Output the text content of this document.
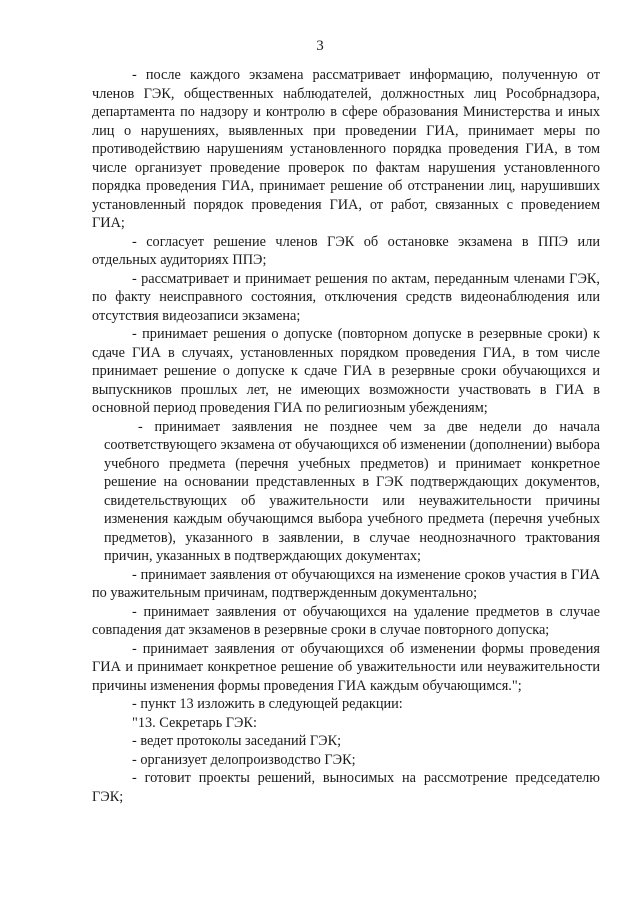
3

- после каждого экзамена рассматривает информацию, полученную от членов ГЭК, общественных наблюдателей, должностных лиц Рособрнадзора, департамента по надзору и контролю в сфере образования Министерства и иных лиц о нарушениях, выявленных при проведении ГИА, принимает меры по противодействию нарушениям установленного порядка проведения ГИА, в том числе организует проведение проверок по фактам нарушения установленного порядка проведения ГИА, принимает решение об отстранении лиц, нарушивших установленный порядок проведения ГИА, от работ, связанных с проведением ГИА;

- согласует решение членов ГЭК об остановке экзамена в ППЭ или отдельных аудиториях ППЭ;

- рассматривает и принимает решения по актам, переданным членами ГЭК, по факту неисправного состояния, отключения средств видеонаблюдения или отсутствия видеозаписи экзамена;

- принимает решения о допуске (повторном допуске в резервные сроки) к сдаче ГИА в случаях, установленных порядком проведения ГИА, в том числе принимает решение о допуске к сдаче ГИА в резервные сроки обучающихся и выпускников прошлых лет, не имеющих возможности участвовать в ГИА в основной период проведения ГИА по религиозным убеждениям;

- принимает заявления не позднее чем за две недели до начала соответствующего экзамена от обучающихся об изменении (дополнении) выбора учебного предмета (перечня учебных предметов) и принимает конкретное решение на основании представленных в ГЭК подтверждающих документов, свидетельствующих об уважительности или неуважительности причины изменения каждым обучающимся выбора учебного предмета (перечня учебных предметов), указанного в заявлении, в случае неоднозначного трактования причин, указанных в подтверждающих документах;

- принимает заявления от обучающихся на изменение сроков участия в ГИА по уважительным причинам, подтвержденным документально;

- принимает заявления от обучающихся на удаление предметов в случае совпадения дат экзаменов в резервные сроки в случае повторного допуска;

- принимает заявления от обучающихся об изменении формы проведения ГИА и принимает конкретное решение об уважительности или неуважительности причины изменения формы проведения ГИА каждым обучающимся.";

- пункт 13 изложить в следующей редакции:

"13. Секретарь ГЭК:

- ведет протоколы заседаний ГЭК;

- организует делопроизводство ГЭК;

- готовит проекты решений, выносимых на рассмотрение председателю ГЭК;
